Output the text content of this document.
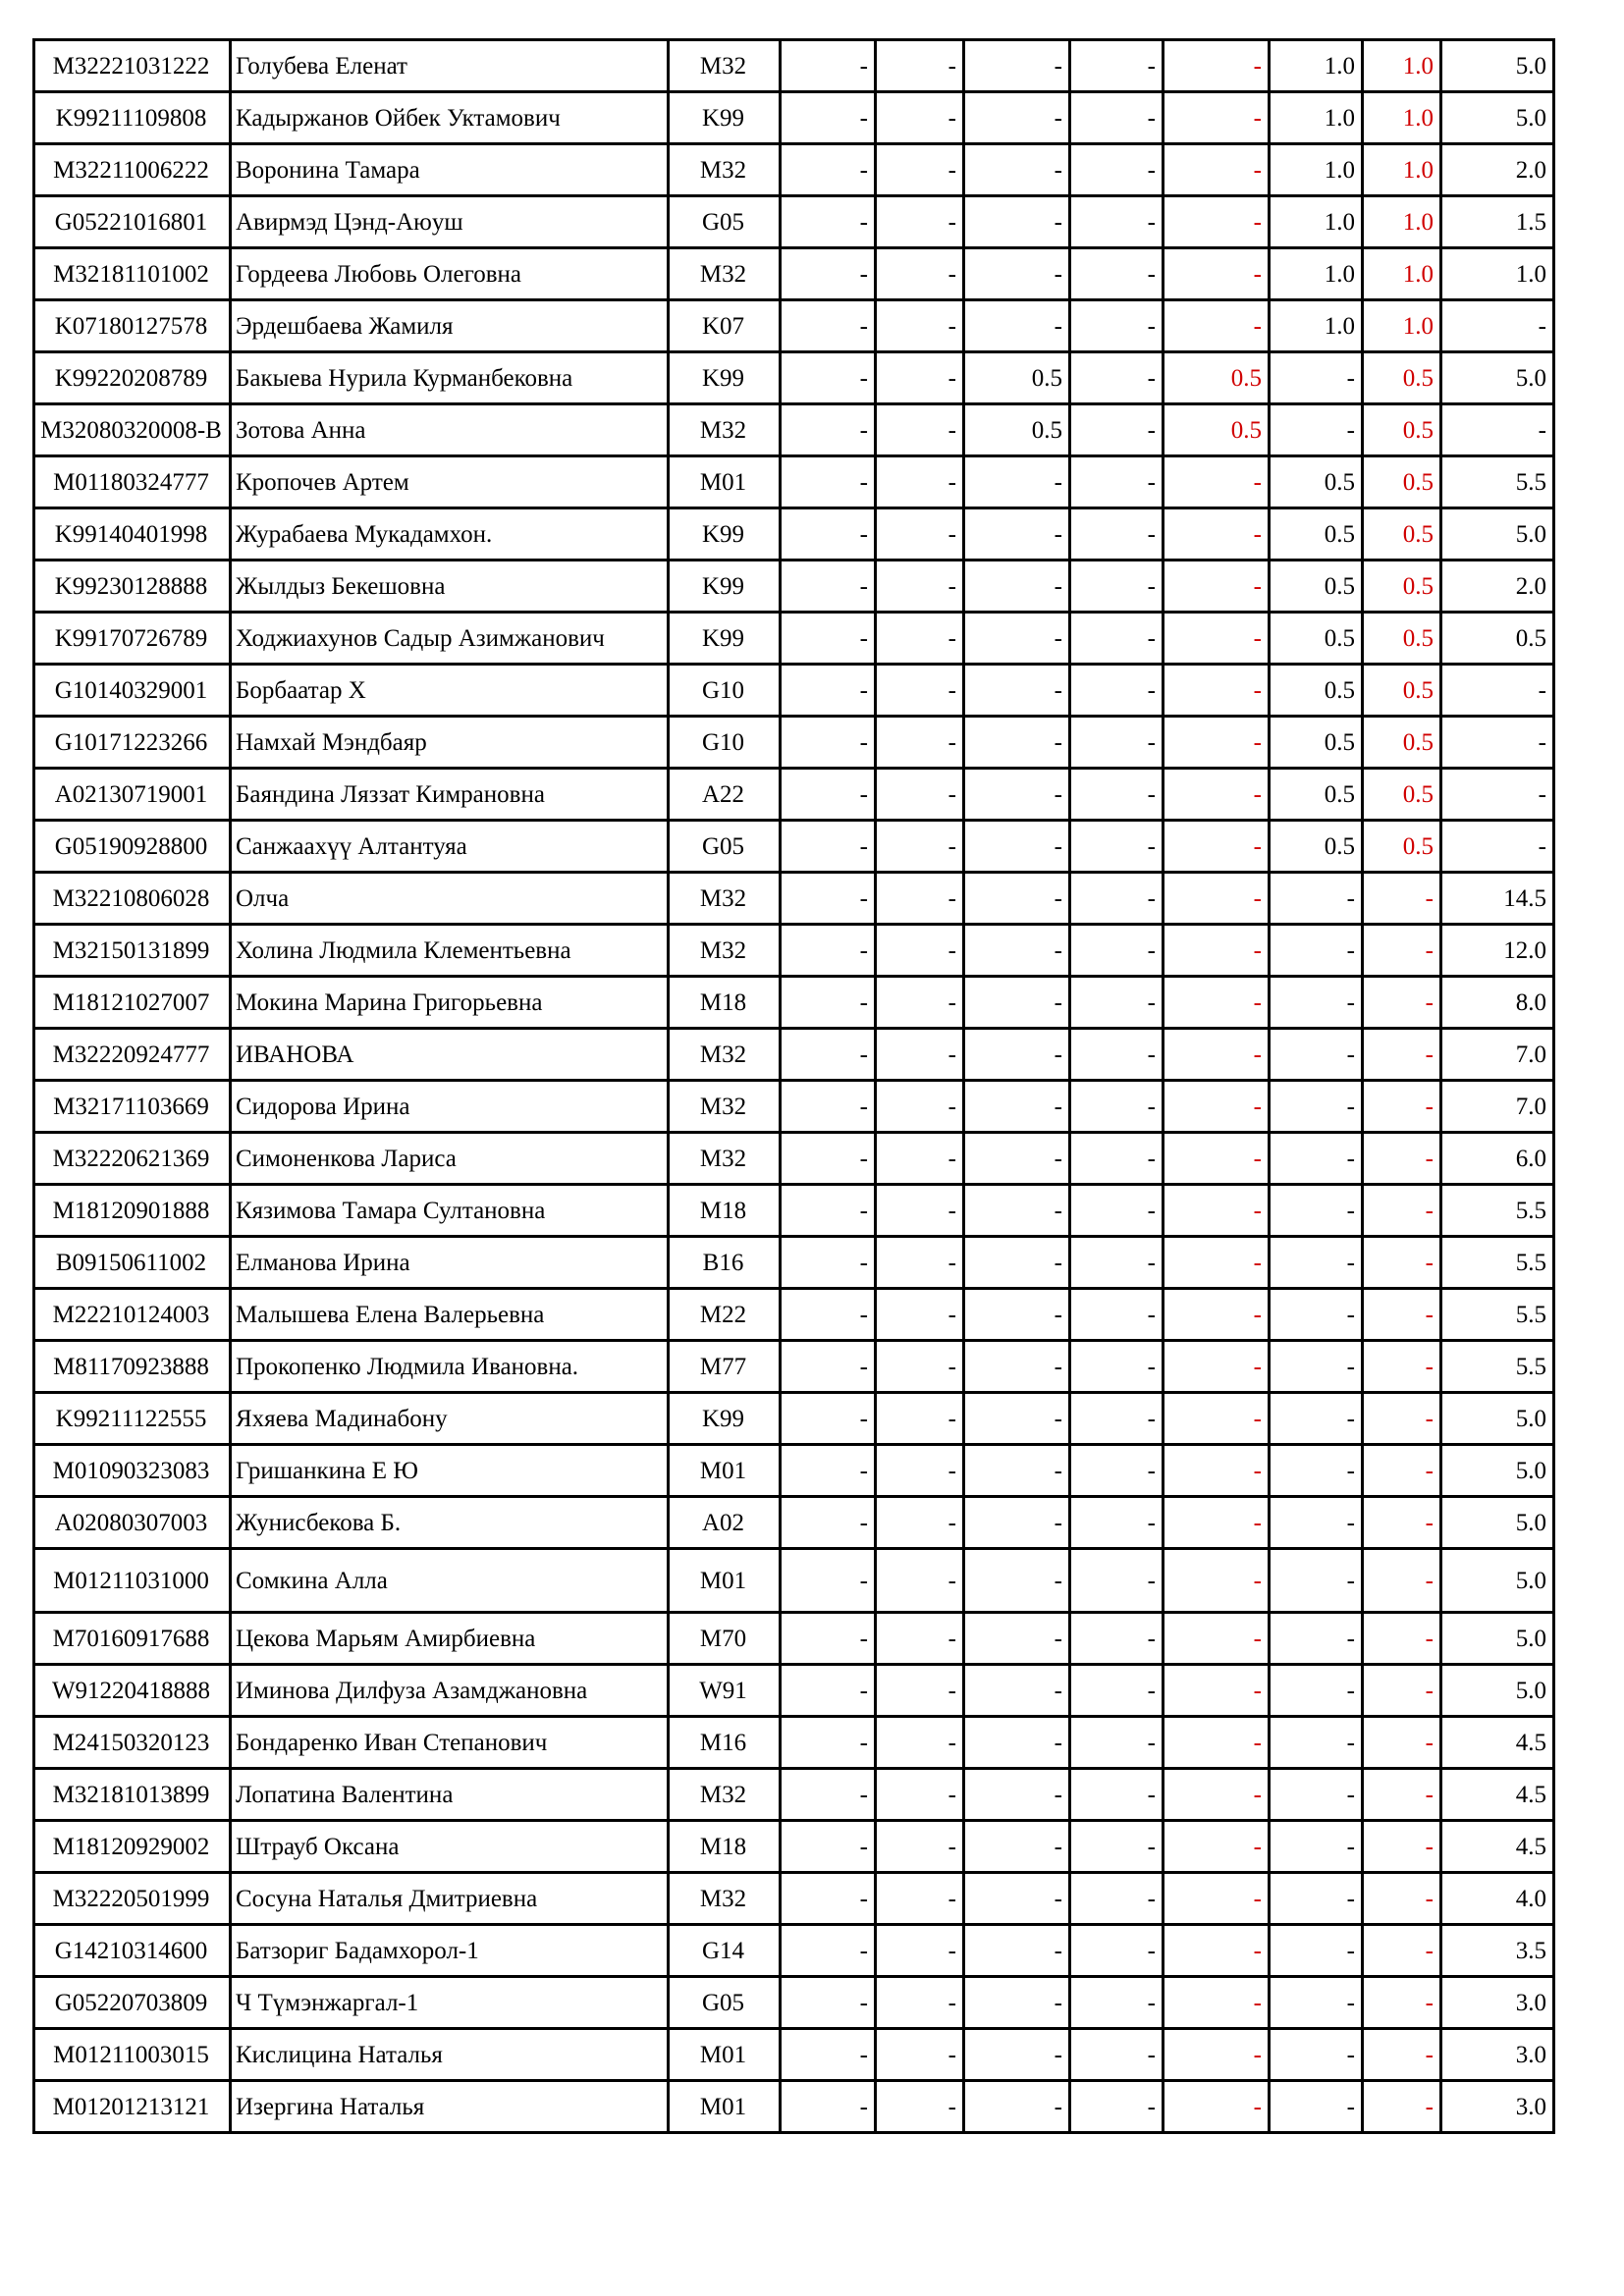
M32221031222	Голубева Еленат	M32	-	-	-	-	-	1.0	1.0	5.0
K99211109808	Кадыржанов Ойбек Уктамович	K99	-	-	-	-	-	1.0	1.0	5.0
M32211006222	Воронина Тамара	M32	-	-	-	-	-	1.0	1.0	2.0
G05221016801	Авирмэд Цэнд-Аюуш	G05	-	-	-	-	-	1.0	1.0	1.5
M32181101002	Гордеева Любовь Олеговна	M32	-	-	-	-	-	1.0	1.0	1.0
K07180127578	Эрдешбаева Жамиля	K07	-	-	-	-	-	1.0	1.0	-
K99220208789	Бакыева Нурила Курманбековна	K99	-	-	0.5	-	0.5	-	0.5	5.0
M32080320008-B	Зотова Анна	M32	-	-	0.5	-	0.5	-	0.5	-
M01180324777	Кропочев Артем	M01	-	-	-	-	-	0.5	0.5	5.5
K99140401998	Журабаева Мукадамхон.	K99	-	-	-	-	-	0.5	0.5	5.0
K99230128888	Жылдыз Бекешовна	K99	-	-	-	-	-	0.5	0.5	2.0
K99170726789	Ходжиахунов Садыр Азимжанович	K99	-	-	-	-	-	0.5	0.5	0.5
G10140329001	Борбаатар Х	G10	-	-	-	-	-	0.5	0.5	-
G10171223266	Намхай Мэндбаяр	G10	-	-	-	-	-	0.5	0.5	-
A02130719001	Баяндина Ляззат Кимрановна	A22	-	-	-	-	-	0.5	0.5	-
G05190928800	Санжаахүү Алтантуяа	G05	-	-	-	-	-	0.5	0.5	-
M32210806028	Олча	M32	-	-	-	-	-	-	-	14.5
M32150131899	Холина Людмила Клементьевна	M32	-	-	-	-	-	-	-	12.0
M18121027007	Мокина Марина Григорьевна	M18	-	-	-	-	-	-	-	8.0
M32220924777	ИВАНОВА	M32	-	-	-	-	-	-	-	7.0
M32171103669	Сидорова Ирина	M32	-	-	-	-	-	-	-	7.0
M32220621369	Симоненкова Лариса	M32	-	-	-	-	-	-	-	6.0
M18120901888	Кязимова Тамара Султановна	M18	-	-	-	-	-	-	-	5.5
B09150611002	Елманова Ирина	B16	-	-	-	-	-	-	-	5.5
M22210124003	Малышева Елена Валерьевна	M22	-	-	-	-	-	-	-	5.5
M81170923888	Прокопенко Людмила Ивановна.	M77	-	-	-	-	-	-	-	5.5
K99211122555	Яхяева Мадинабону	K99	-	-	-	-	-	-	-	5.0
M01090323083	Гришанкина Е Ю	M01	-	-	-	-	-	-	-	5.0
A02080307003	Жунисбекова Б.	A02	-	-	-	-	-	-	-	5.0
M01211031000	Сомкина Алла	M01	-	-	-	-	-	-	-	5.0
M70160917688	Цекова Марьям Амирбиевна	M70	-	-	-	-	-	-	-	5.0
W91220418888	Иминова Дилфуза Азамджановна	W91	-	-	-	-	-	-	-	5.0
M24150320123	Бондаренко Иван Степанович	M16	-	-	-	-	-	-	-	4.5
M32181013899	Лопатина Валентина	M32	-	-	-	-	-	-	-	4.5
M18120929002	Штрауб Оксана	M18	-	-	-	-	-	-	-	4.5
M32220501999	Сосуна Наталья Дмитриевна	M32	-	-	-	-	-	-	-	4.0
G14210314600	Батзориг Бадамхорол-1	G14	-	-	-	-	-	-	-	3.5
G05220703809	Ч Түмэнжаргал-1	G05	-	-	-	-	-	-	-	3.0
M01211003015	Кислицина Наталья	M01	-	-	-	-	-	-	-	3.0
M01201213121	Изергина Наталья	M01	-	-	-	-	-	-	-	3.0
